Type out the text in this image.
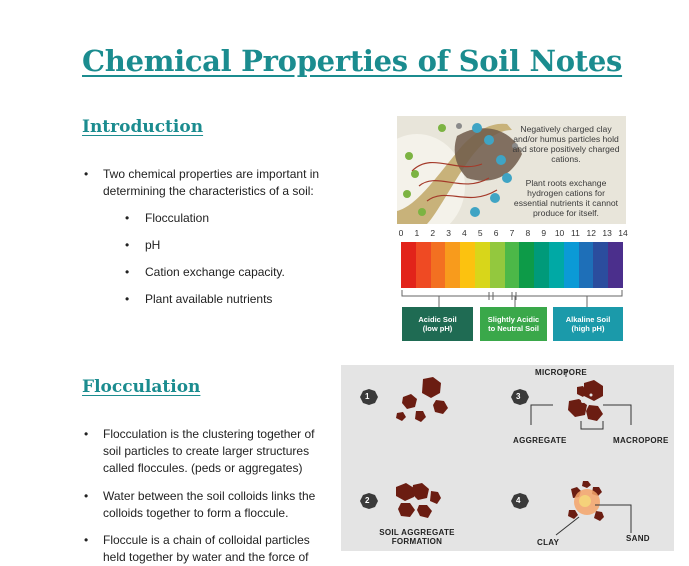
Chemical Properties of Soil Notes
Introduction
• Two chemical properties are important in determining the characteristics of a soil:
• Flocculation
• pH
• Cation exchange capacity.
• Plant available nutrients
Flocculation
• Flocculation is the clustering together of soil particles to create larger structures called floccules. (peds or aggregates)
• Water between the soil colloids links the colloids together to form a floccule.
• Floccule is a chain of colloidal particles held together by water and the force of
Negatively charged clay and/or humus particles hold and store positively charged cations.
Plant roots exchange hydrogen cations for essential nutrients it cannot produce for itself.
0 1 2 3 4 5 6 7 8 9 10 11 12 13 14
Acidic Soil
(low pH)
Slightly Acidic
to Neutral Soil
Alkaline Soil
(high pH)
1
2
3
4
MICROPORE
AGGREGATE	MACROPORE
SOIL AGGREGATE
FORMATION	CLAY	SAND
